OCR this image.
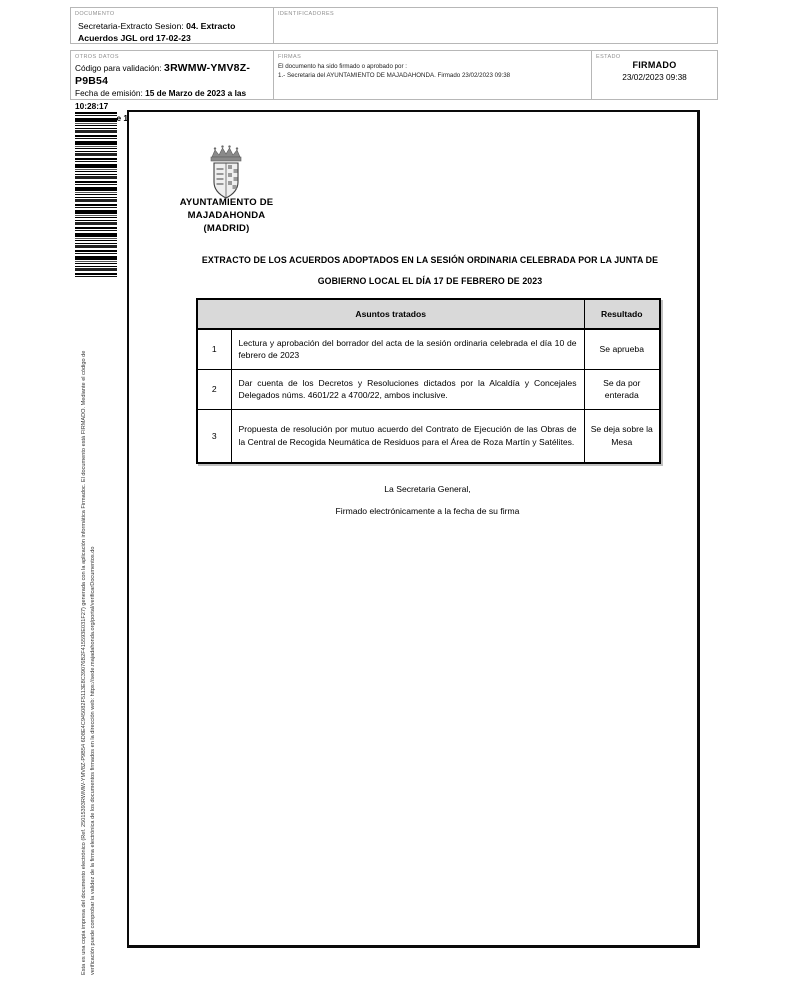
DOCUMENTO
Secretaria-Extracto Sesion: 04. Extracto Acuerdos JGL ord 17-02-23
IDENTIFICADORES
OTROS DATOS
Código para validación: 3RWMW-YMV8Z-P9B54
Fecha de emisión: 15 de Marzo de 2023 a las 10:28:17
1
FIRMAS
El documento ha sido firmado o aprobado por :
1.- Secretaria del AYUNTAMIENTO DE MAJADAHONDA. Firmado 23/02/2023 09:38
ESTADO
FIRMADO
23/02/2023 09:38
Esta es una copia impresa del documento electrónico (Ref. 25015393RWMW-YMV8Z-P9B54 6D8E4C945082F5113E8C39076B2F415593E031F27) generada con la aplicación informática Firmadoc. El documento está FIRMADO. Mediante el código de verificación puede comprobar la validez de la firma electrónica de los documentos firmados en la dirección web: https://sede.majadahonda.org/portal/verificarDocumentos.do
AYUNTAMIENTO DE
MAJADAHONDA
(MADRID)
EXTRACTO DE LOS ACUERDOS ADOPTADOS EN LA SESIÓN ORDINARIA CELEBRADA POR LA JUNTA DE
GOBIERNO LOCAL EL DÍA 17 DE FEBRERO DE 2023
Asuntos tratados		Resultado
1	Lectura y aprobación del borrador del acta de la sesión ordinaria celebrada el día 10 de febrero de 2023	Se aprueba
2	Dar cuenta de los Decretos y Resoluciones dictados por la Alcaldía y Concejales Delegados núms. 4601/22 a 4700/22, ambos inclusive.	Se da por enterada
3	Propuesta de resolución por mutuo acuerdo del Contrato de Ejecución de las Obras de la Central de Recogida Neumática de Residuos para el Área de Roza Martín y Satélites.	Se deja sobre la Mesa
La Secretaria General,
Firmado electrónicamente a la fecha de su firma
